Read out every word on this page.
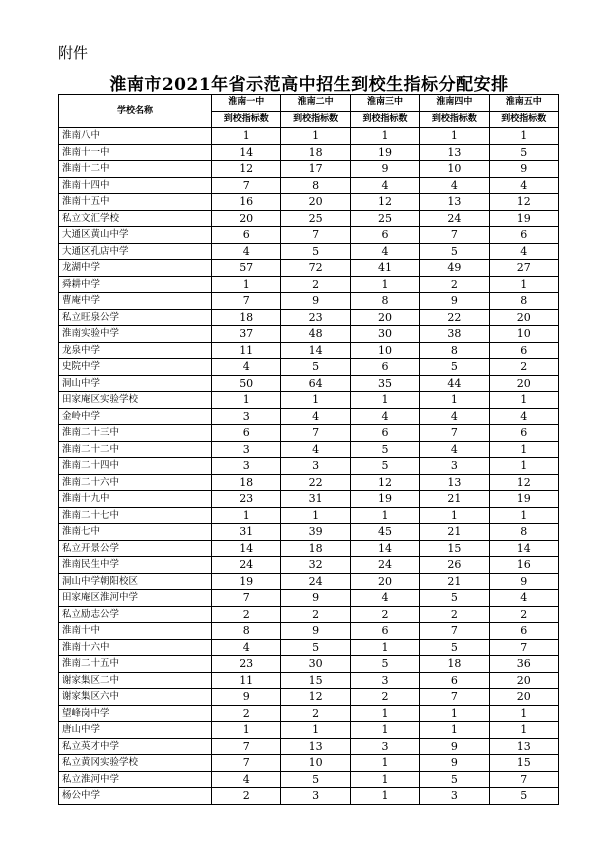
附件
淮南市2021年省示范高中招生到校生指标分配安排
学校名称	淮南一中	淮南二中	淮南三中	淮南四中	淮南五中
	到校指标数	到校指标数	到校指标数	到校指标数	到校指标数
淮南八中	1	1	1	1	1
淮南十一中	14	18	19	13	5
淮南十二中	12	17	9	10	9
淮南十四中	7	8	4	4	4
淮南十五中	16	20	12	13	12
私立文汇学校	20	25	25	24	19
大通区黄山中学	6	7	6	7	6
大通区孔店中学	4	5	4	5	4
龙湖中学	57	72	41	49	27
舜耕中学	1	2	1	2	1
曹庵中学	7	9	8	9	8
私立旺泉公学	18	23	20	22	20
淮南实验中学	37	48	30	38	10
龙泉中学	11	14	10	8	6
史院中学	4	5	6	5	2
洞山中学	50	64	35	44	20
田家庵区实验学校	1	1	1	1	1
金岭中学	3	4	4	4	4
淮南二十三中	6	7	6	7	6
淮南二十二中	3	4	5	4	1
淮南二十四中	3	3	5	3	1
淮南二十六中	18	22	12	13	12
淮南十九中	23	31	19	21	19
淮南二十七中	1	1	1	1	1
淮南七中	31	39	45	21	8
私立开景公学	14	18	14	15	14
淮南民生中学	24	32	24	26	16
洞山中学朝阳校区	19	24	20	21	9
田家庵区淮河中学	7	9	4	5	4
私立励志公学	2	2	2	2	2
淮南十中	8	9	6	7	6
淮南十六中	4	5	1	5	7
淮南二十五中	23	30	5	18	36
谢家集区二中	11	15	3	6	20
谢家集区六中	9	12	2	7	20
望峰岗中学	2	2	1	1	1
唐山中学	1	1	1	1	1
私立英才中学	7	13	3	9	13
私立黄冈实验学校	7	10	1	9	15
私立淮河中学	4	5	1	5	7
杨公中学	2	3	1	3	5
